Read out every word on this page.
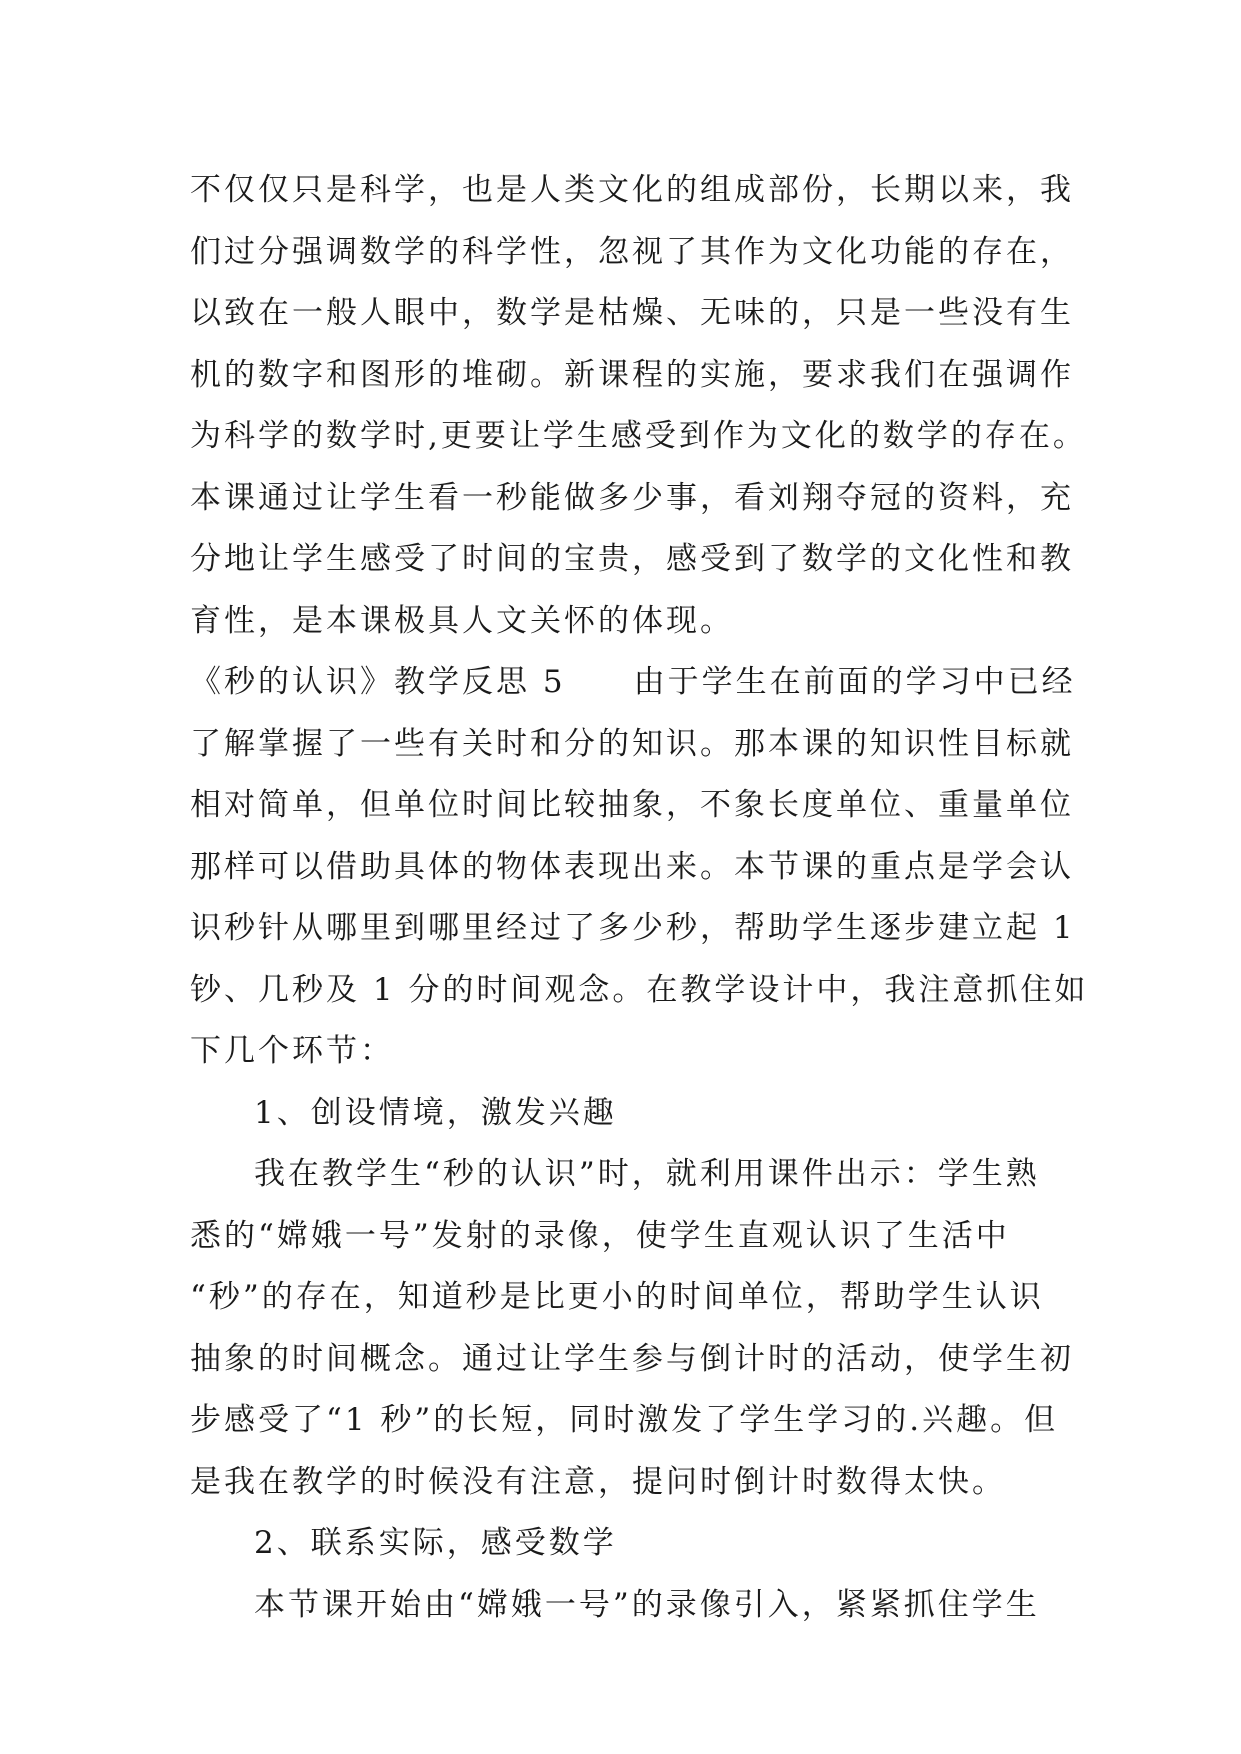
不仅仅只是科学，也是人类文化的组成部份，长期以来，我
们过分强调数学的科学性，忽视了其作为文化功能的存在，
以致在一般人眼中，数学是枯燥、无味的，只是一些没有生
机的数字和图形的堆砌。新课程的实施，要求我们在强调作
为科学的数学时,更要让学生感受到作为文化的数学的存在。
本课通过让学生看一秒能做多少事，看刘翔夺冠的资料，充
分地让学生感受了时间的宝贵，感受到了数学的文化性和教
育性，是本课极具人文关怀的体现。
《秒的认识》教学反思 5　　由于学生在前面的学习中已经
了解掌握了一些有关时和分的知识。那本课的知识性目标就
相对简单，但单位时间比较抽象，不象长度单位、重量单位
那样可以借助具体的物体表现出来。本节课的重点是学会认
识秒针从哪里到哪里经过了多少秒，帮助学生逐步建立起 1
钞、几秒及 1 分的时间观念。在教学设计中，我注意抓住如
下几个环节：
1、创设情境，激发兴趣
我在教学生“秒的认识”时，就利用课件出示：学生熟
悉的“嫦娥一号”发射的录像，使学生直观认识了生活中
“秒”的存在，知道秒是比更小的时间单位，帮助学生认识
抽象的时间概念。通过让学生参与倒计时的活动，使学生初
步感受了“1 秒”的长短，同时激发了学生学习的.兴趣。但
是我在教学的时候没有注意，提问时倒计时数得太快。
2、联系实际，感受数学
本节课开始由“嫦娥一号”的录像引入，紧紧抓住学生
